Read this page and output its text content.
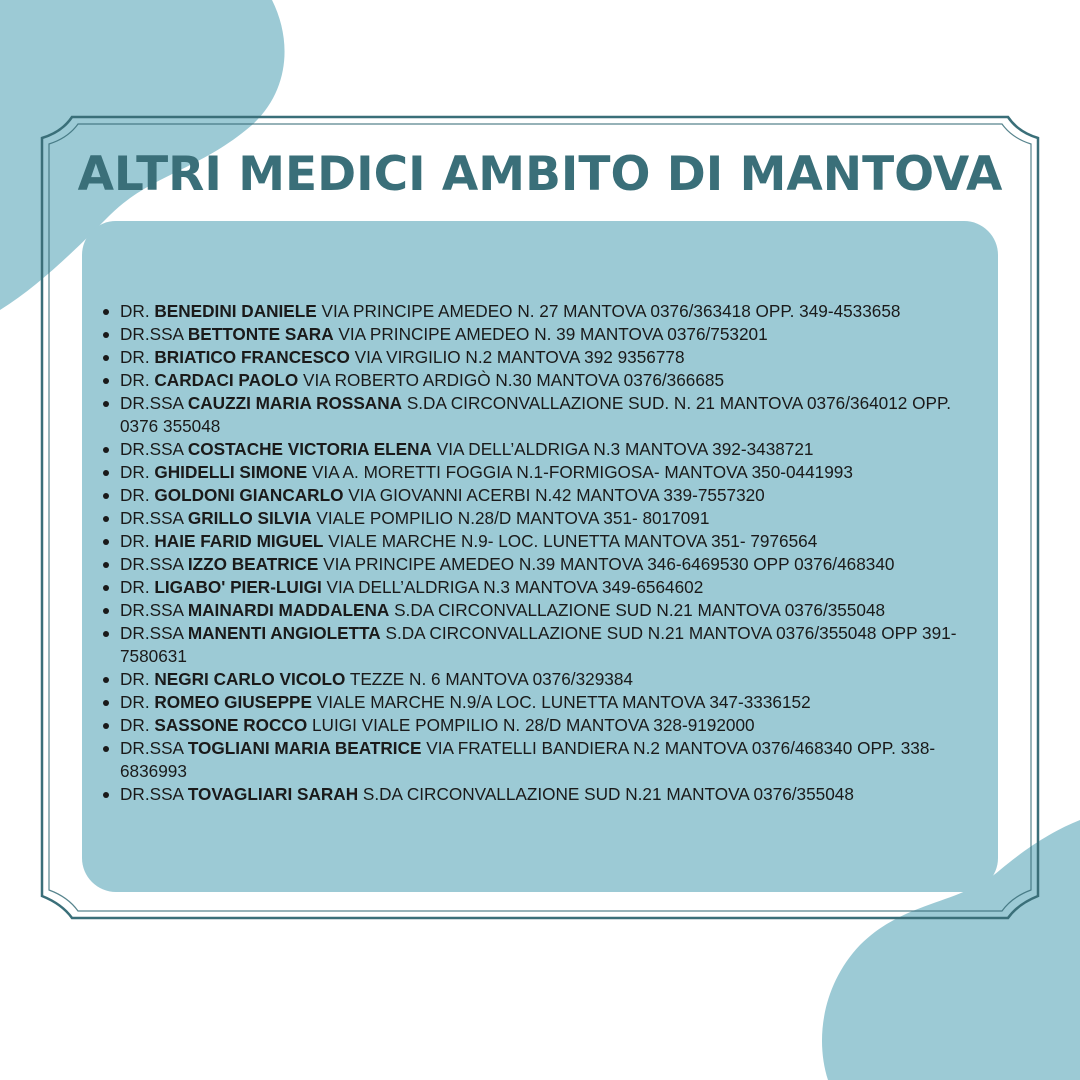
ALTRI MEDICI AMBITO DI MANTOVA
DR. BENEDINI DANIELE VIA PRINCIPE AMEDEO N. 27 MANTOVA 0376/363418 OPP. 349-4533658
DR.SSA BETTONTE SARA VIA PRINCIPE AMEDEO N. 39 MANTOVA 0376/753201
DR. BRIATICO FRANCESCO VIA VIRGILIO N.2 MANTOVA 392 9356778
DR. CARDACI PAOLO VIA ROBERTO ARDIGÒ N.30 MANTOVA 0376/366685
DR.SSA CAUZZI MARIA ROSSANA S.DA CIRCONVALLAZIONE SUD. N. 21 MANTOVA 0376/364012 OPP. 0376 355048
DR.SSA COSTACHE VICTORIA ELENA VIA DELL’ALDRIGA N.3 MANTOVA 392-3438721
DR. GHIDELLI SIMONE VIA A. MORETTI FOGGIA N.1-FORMIGOSA- MANTOVA 350-0441993
DR. GOLDONI GIANCARLO VIA GIOVANNI ACERBI N.42 MANTOVA 339-7557320
DR.SSA GRILLO SILVIA VIALE POMPILIO N.28/D MANTOVA 351- 8017091
DR. HAIE FARID MIGUEL VIALE MARCHE N.9- LOC. LUNETTA MANTOVA 351- 7976564
DR.SSA IZZO BEATRICE VIA PRINCIPE AMEDEO N.39 MANTOVA 346-6469530 OPP 0376/468340
DR. LIGABO' PIER-LUIGI VIA DELL’ALDRIGA N.3 MANTOVA 349-6564602
DR.SSA MAINARDI MADDALENA S.DA CIRCONVALLAZIONE SUD N.21 MANTOVA 0376/355048
DR.SSA MANENTI ANGIOLETTA S.DA CIRCONVALLAZIONE SUD N.21 MANTOVA 0376/355048 OPP 391-7580631
DR. NEGRI CARLO VICOLO TEZZE N. 6 MANTOVA 0376/329384
DR. ROMEO GIUSEPPE VIALE MARCHE N.9/A LOC. LUNETTA MANTOVA 347-3336152
DR. SASSONE ROCCO LUIGI VIALE POMPILIO N. 28/D MANTOVA 328-9192000
DR.SSA TOGLIANI MARIA BEATRICE VIA FRATELLI BANDIERA N.2 MANTOVA 0376/468340 OPP. 338- 6836993
DR.SSA TOVAGLIARI SARAH S.DA CIRCONVALLAZIONE SUD N.21 MANTOVA 0376/355048
